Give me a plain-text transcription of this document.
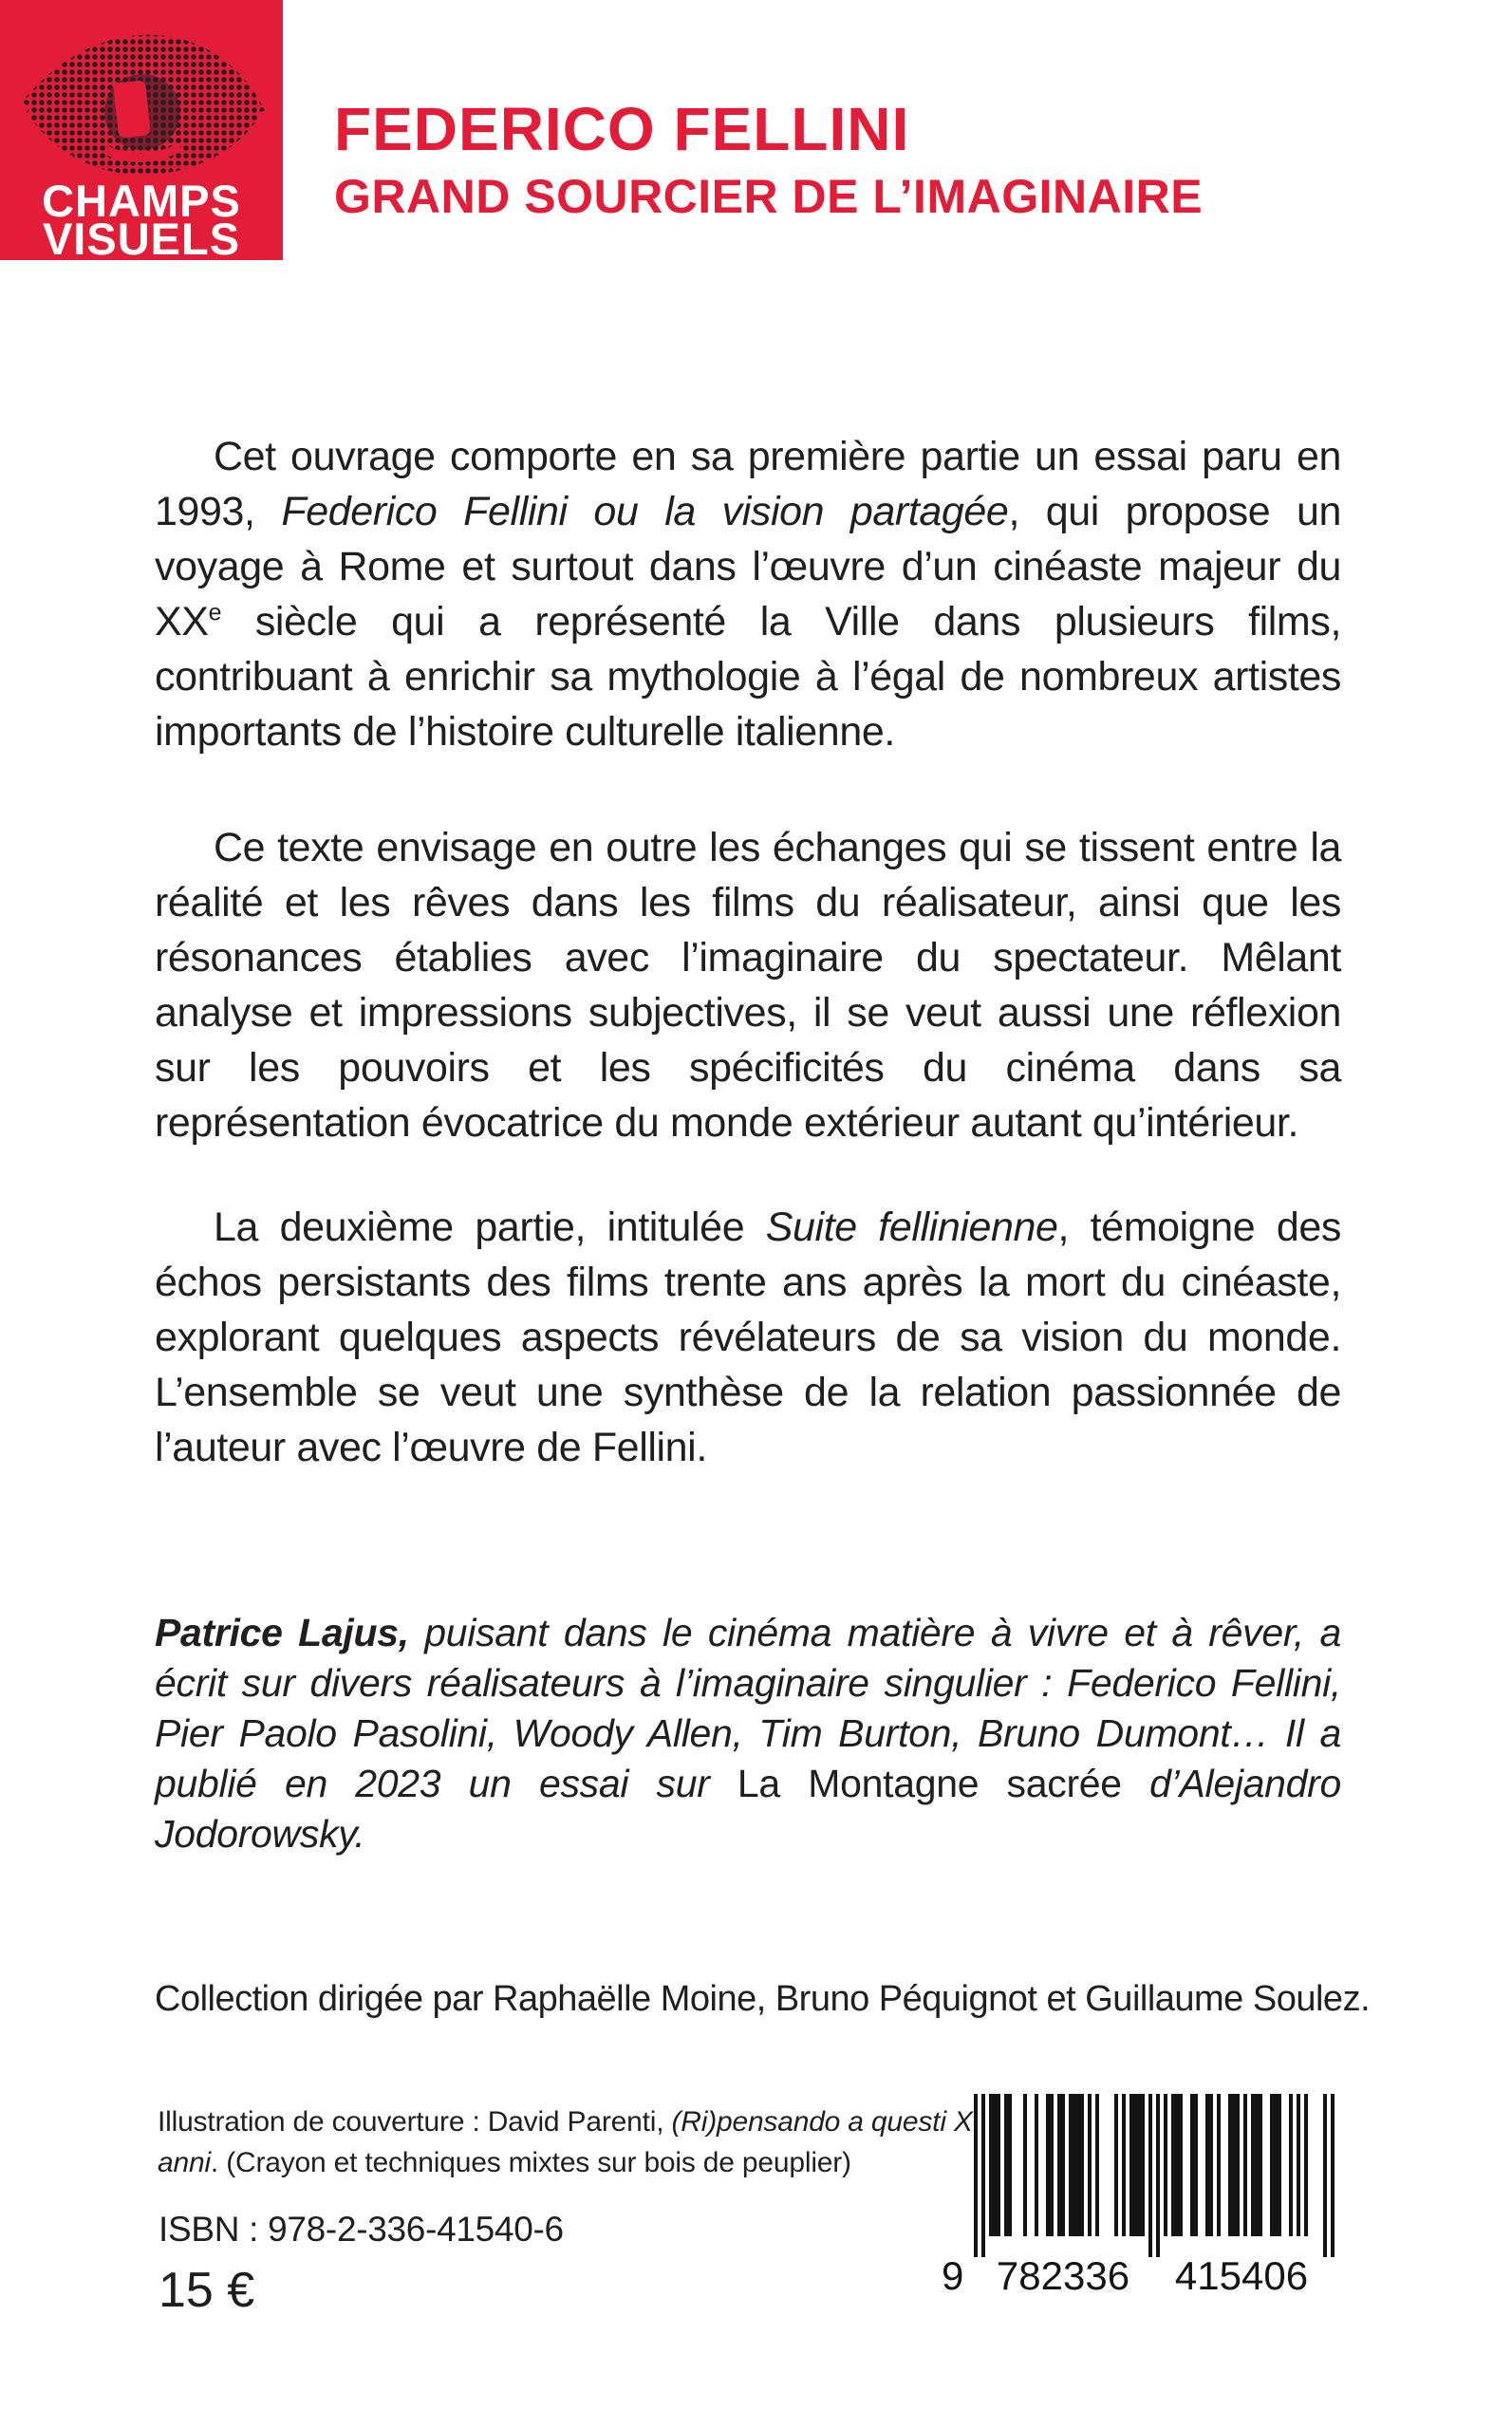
CHAMPS
VISUELS
FEDERICO FELLINI
GRAND SOURCIER DE L’IMAGINAIRE

Cet ouvrage comporte en sa première partie un essai paru en 1993, Federico Fellini ou la vision partagée, qui propose un voyage à Rome et surtout dans l’œuvre d’un cinéaste majeur du XXe siècle qui a représenté la Ville dans plusieurs films, contribuant à enrichir sa mythologie à l’égal de nombreux artistes importants de l’histoire culturelle italienne.

Ce texte envisage en outre les échanges qui se tissent entre la réalité et les rêves dans les films du réalisateur, ainsi que les résonances établies avec l’imaginaire du spectateur. Mêlant analyse et impressions subjectives, il se veut aussi une réflexion sur les pouvoirs et les spécificités du cinéma dans sa représentation évocatrice du monde extérieur autant qu’intérieur.

La deuxième partie, intitulée Suite fellinienne, témoigne des échos persistants des films trente ans après la mort du cinéaste, explorant quelques aspects révélateurs de sa vision du monde. L’ensemble se veut une synthèse de la relation passionnée de l’auteur avec l’œuvre de Fellini.

Patrice Lajus, puisant dans le cinéma matière à vivre et à rêver, a écrit sur divers réalisateurs à l’imaginaire singulier : Federico Fellini, Pier Paolo Pasolini, Woody Allen, Tim Burton, Bruno Dumont… Il a publié en 2023 un essai sur La Montagne sacrée d’Alejandro Jodorowsky.

Collection dirigée par Raphaëlle Moine, Bruno Péquignot et Guillaume Soulez.

Illustration de couverture : David Parenti, (Ri)pensando a questi X anni. (Crayon et techniques mixtes sur bois de peuplier)

ISBN : 978-2-336-41540-6

15 €	9 782336 415406
